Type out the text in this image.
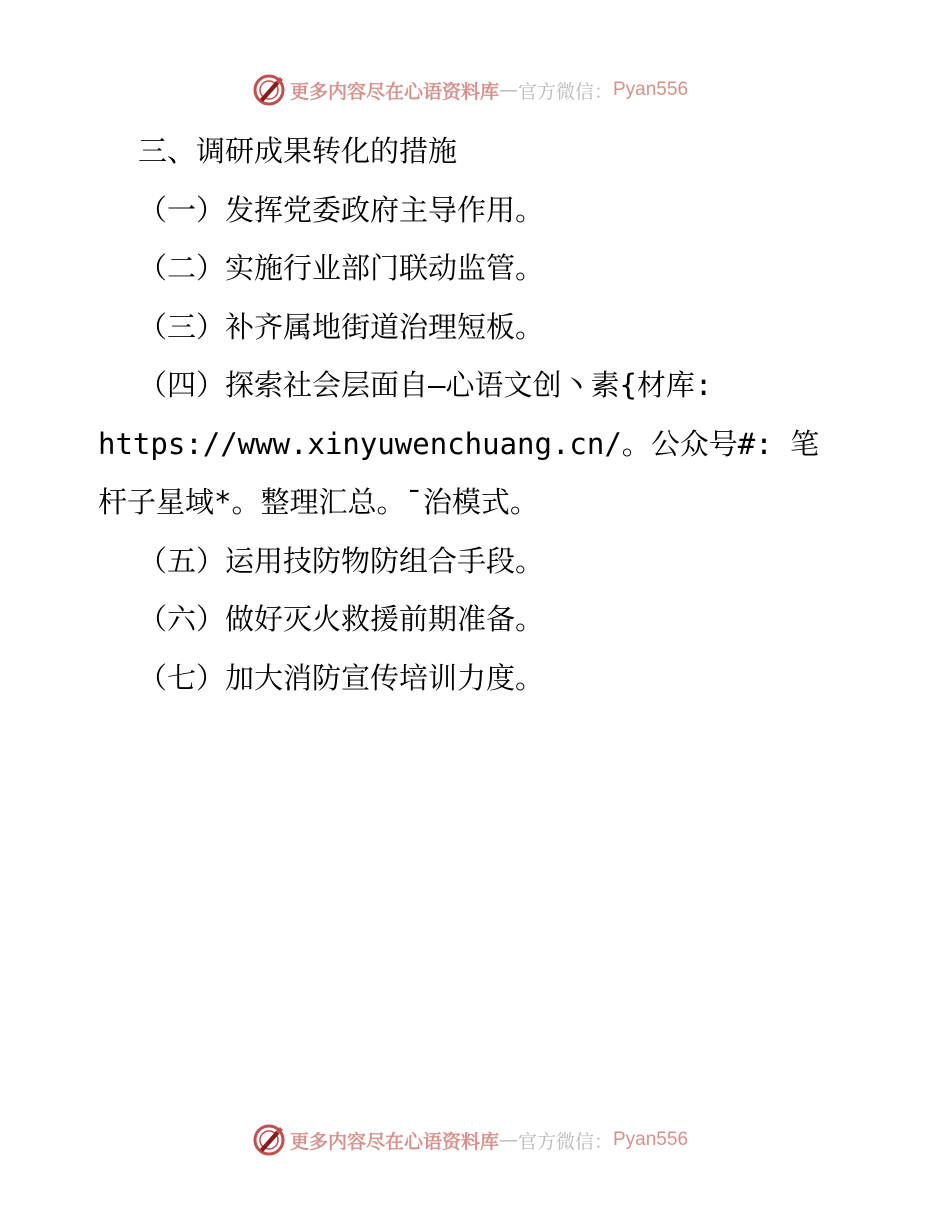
更多内容尽在心语资料库 — 官方微信： Pyan556
三、调研成果转化的措施
（一）发挥党委政府主导作用。
（二）实施行业部门联动监管。
（三）补齐属地街道治理短板。
（四）探索社会层面自—心语文创丶素{材库:
https://www.xinyuwenchuang.cn/。公众号#: 笔
杆子星域*。整理汇总。¯治模式。
（五）运用技防物防组合手段。
（六）做好灭火救援前期准备。
（七）加大消防宣传培训力度。
更多内容尽在心语资料库 — 官方微信： Pyan556
